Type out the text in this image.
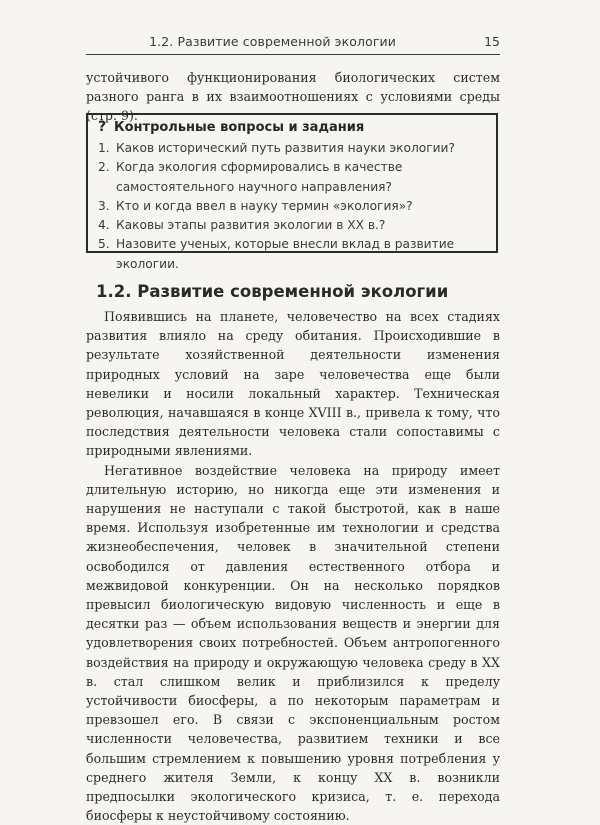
1.2. Развитие современной экологии	15

устойчивого функционирования биологических систем разного ранга в их взаимоотношениях с условиями среды (стр. 9).

? Контрольные вопросы и задания
1. Каков исторический путь развития науки экологии?
2. Когда экология сформировались в качестве самостоятельного научного направления?
3. Кто и когда ввел в науку термин «экология»?
4. Каковы этапы развития экологии в XX в.?
5. Назовите ученых, которые внесли вклад в развитие экологии.
1.2. Развитие современной экологии

Появившись на планете, человечество на всех стадиях развития влияло на среду обитания. Происходившие в результате хозяйственной деятельности изменения природных условий на заре человечества еще были невелики и носили локальный характер. Техническая революция, начавшаяся в конце XVIII в., привела к тому, что последствия деятельности человека стали сопоставимы с природными явлениями.

Негативное воздействие человека на природу имеет длительную историю, но никогда еще эти изменения и нарушения не наступали с такой быстротой, как в наше время. Используя изобретенные им технологии и средства жизнеобеспечения, человек в значительной степени освободился от давления естественного отбора и межвидовой конкуренции. Он на несколько порядков превысил биологическую видовую численность и еще в десятки раз — объем использования веществ и энергии для удовлетворения своих потребностей. Объем антропогенного воздействия на природу и окружающую человека среду в XX в. стал слишком велик и приблизился к пределу устойчивости биосферы, а по некоторым параметрам и превзошел его. В связи с экспоненциальным ростом численности человечества, развитием техники и все большим стремлением к повышению уровня потребления у среднего жителя Земли, к концу XX в. возникли предпосылки экологического кризиса, т. е. перехода биосферы к неустойчивому состоянию.
